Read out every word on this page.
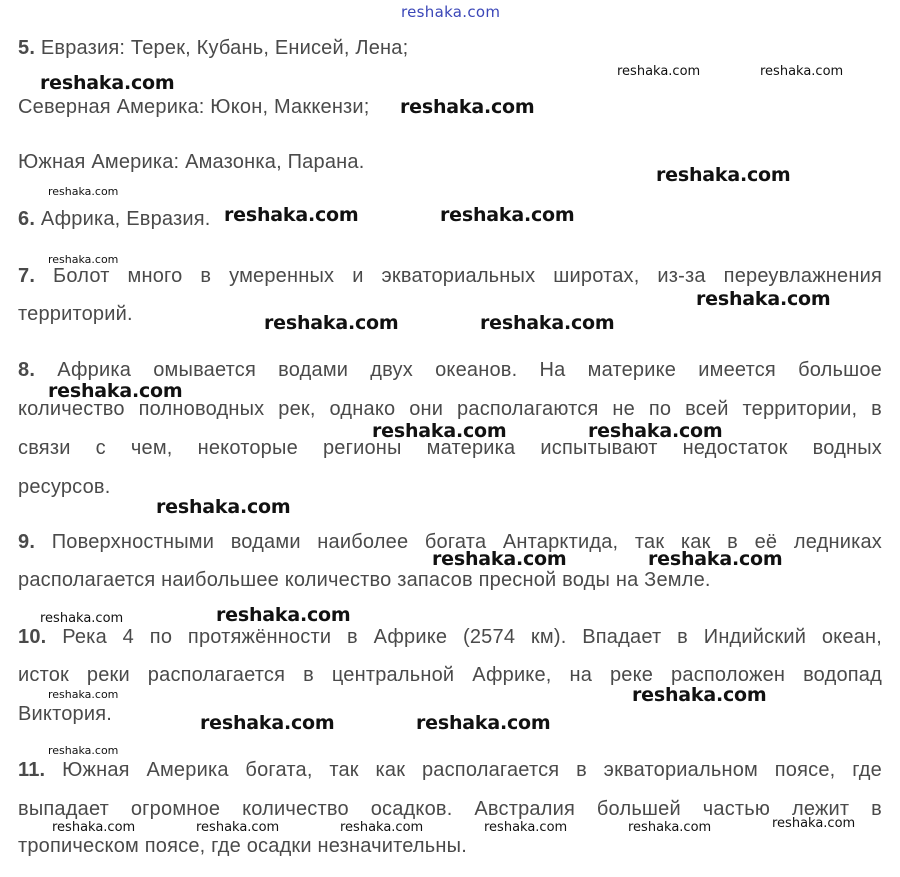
reshaka.com
5. Евразия: Терек, Кубань, Енисей, Лена;
Северная Америка: Юкон, Маккензи;
Южная Америка: Амазонка, Парана.
6. Африка, Евразия.
7. Болот много в умеренных и экваториальных широтах, из-за переувлажнения
территорий.
8. Африка омывается водами двух океанов. На материке имеется большое
количество полноводных рек, однако они располагаются не по всей территории, в
связи с чем, некоторые регионы материка испытывают недостаток водных
ресурсов.
9. Поверхностными водами наиболее богата Антарктида, так как в её ледниках
располагается наибольшее количество запасов пресной воды на Земле.
10. Река 4 по протяжённости в Африке (2574 км). Впадает в Индийский океан,
исток реки располагается в центральной Африке, на реке расположен водопад
Виктория.
11. Южная Америка богата, так как располагается в экваториальном поясе, где
выпадает огромное количество осадков. Австралия большей частью лежит в
тропическом поясе, где осадки незначительны.
reshaka.com
reshaka.com	reshaka.com
reshaka.com
reshaka.com
reshaka.com
reshaka.com	reshaka.com
reshaka.com
reshaka.com
reshaka.com	reshaka.com
reshaka.com
reshaka.com	reshaka.com
reshaka.com
reshaka.com	reshaka.com
reshaka.com	reshaka.com
reshaka.com	reshaka.com
reshaka.com	reshaka.com
reshaka.com
reshaka.com	reshaka.com	reshaka.com	reshaka.com	reshaka.com	reshaka.com
